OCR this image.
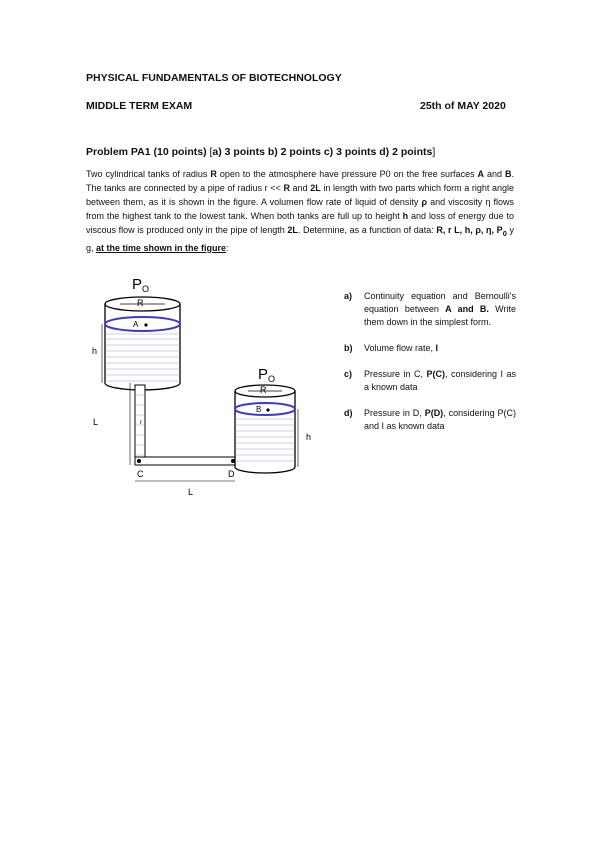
PHYSICAL FUNDAMENTALS OF BIOTECHNOLOGY
MIDDLE TERM EXAM	25th of MAY 2020
Problem PA1 (10 points) [a) 3 points b) 2 points c) 3 points d) 2 points]
Two cylindrical tanks of radius R open to the atmosphere have pressure P0 on the free surfaces A and B. The tanks are connected by a pipe of radius r << R and 2L in length with two parts which form a right angle between them, as it is shown in the figure. A volumen flow rate of liquid of density ρ and viscosity η flows from the highest tank to the lowest tank. When both tanks are full up to height h and loss of energy due to viscous flow is produced only in the pipe of length 2L. Determine, as a function of data: R, r L, h, ρ, η, $P_0$ y g, at the time shown in the figure:
$P_O$
R
A
h
r
L
C	D
L
$P_O$
R
B
h
a)	Continuity equation and Bernoulli's equation between A and B. Write them down in the simplest form.
b)	Volume flow rate, I
c)	Pressure in C, P(C), considering I as a known data
d)	Pressure in D, P(D), considering P(C) and I as known data
